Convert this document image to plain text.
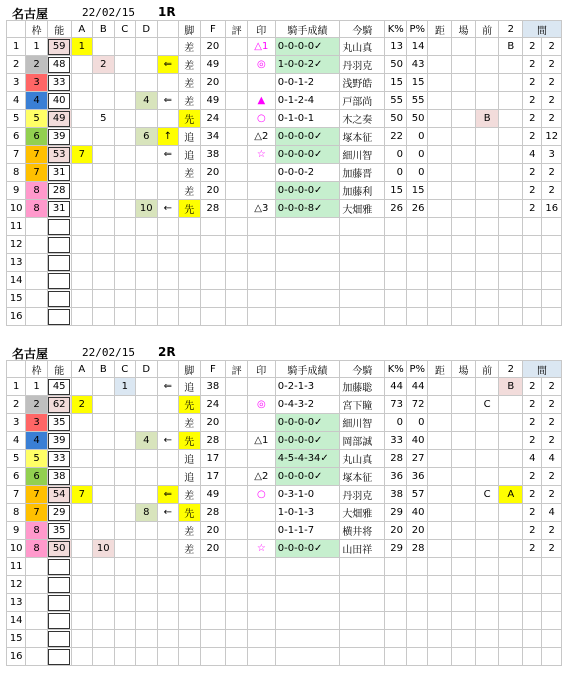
名古屋	22/02/15 1R
	枠	能	A	B	C	D		脚	F	評	印	騎手成績	今騎	K%	P%	距	場	前	2	間	
1	1	59	1					差	20		△1	0-0-0-0✓	丸山真	13	14				B	2	2
2	2	48		2			⇐	差	49		◎	1-0-0-2✓	丹羽克	50	43					2	2
3	3	33						差	20			0-0-1-2	浅野皓	15	15					2	2
4	4	40				4	⇐	差	49		▲	0-1-2-4	戸部尚	55	55					2	2
5	5	49		5				先	24		○	0-1-0-1	木之奏	50	50			B		2	2
6	6	39				6	↑	追	34		△2	0-0-0-0✓	塚本征	22	0					2	12
7	7	53	7				⇐	追	38		☆	0-0-0-0✓	細川智	0	0					4	3
8	7	31						差	20			0-0-0-2	加藤晋	0	0					2	2
9	8	28						差	20			0-0-0-0✓	加藤利	15	15					2	2
10	8	31				10	←	先	28		△3	0-0-0-8✓	大畑雅	26	26					2	16
11																					
12																					
13																					
14																					
15																					
16																					
名古屋	22/02/15 2R
	枠	能	A	B	C	D		脚	F	評	印	騎手成績	今騎	K%	P%	距	場	前	2	間	
1	1	45			1		⇐	追	38			0-2-1-3	加藤聡	44	44				B	2	2
2	2	62	2					先	24		◎	0-4-3-2	宮下瞳	73	72			C		2	2
3	3	35						差	20			0-0-0-0✓	細川智	0	0					2	2
4	4	39				4	←	先	28		△1	0-0-0-0✓	岡部誠	33	40					2	2
5	5	33						追	17			4-5-4-34✓	丸山真	28	27					4	4
6	6	38						追	17		△2	0-0-0-0✓	塚本征	36	36					2	2
7	7	54	7				⇐	差	49		○	0-3-1-0	丹羽克	38	57			C	A	2	2
8	7	29				8	←	先	28			1-0-1-3	大畑雅	29	40					2	4
9	8	35						差	20			0-1-1-7	横井将	20	20					2	2
10	8	50		10				差	20		☆	0-0-0-0✓	山田祥	29	28					2	2
11																					
12																					
13																					
14																					
15																					
16																					
